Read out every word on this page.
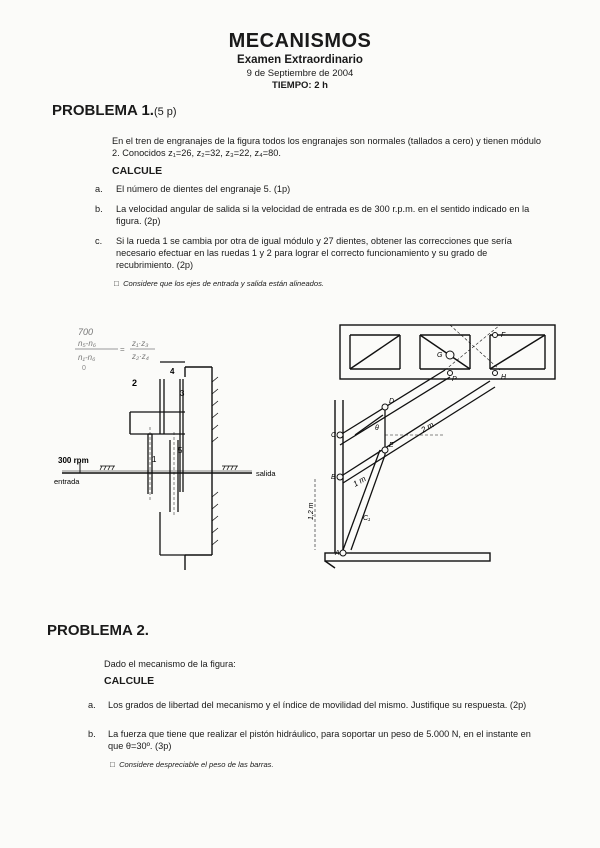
MECANISMOS
Examen Extraordinario
9 de Septiembre de 2004
TIEMPO: 2 h
PROBLEMA 1.(5 p)
En el tren de engranajes de la figura todos los engranajes son normales (tallados a cero) y tienen módulo 2. Conocidos z₁=26, z₂=32, z₃=22, z₄=80.
CALCULE
a. El número de dientes del engranaje 5. (1p)
b. La velocidad angular de salida si la velocidad de entrada es de 300 r.p.m. en el sentido indicado en la figura. (2p)
c. Si la rueda 1 se cambia por otra de igual módulo y 27 dientes, obtener las correcciones que sería necesario efectuar en las ruedas 1 y 2 para lograr el correcto funcionamiento y su grado de recubrimiento. (2p)
□ Considere que los ejes de entrada y salida están alineados.
700
n₅-n₆
n₁-n₆
=
z₁·z₃
z₂·z₄
0
2
4
3
5
1
300 rpm
entrada
salida
F
G
H
P
D
C
E
B
A
C₁
θ	2 m
1 m
1,2 m
PROBLEMA 2.
Dado el mecanismo de la figura:
CALCULE
a. Los grados de libertad del mecanismo y el índice de movilidad del mismo. Justifique su respuesta. (2p)
b. La fuerza que tiene que realizar el pistón hidráulico, para soportar un peso de 5.000 N, en el instante en que θ=30º. (3p)
□ Considere despreciable el peso de las barras.
